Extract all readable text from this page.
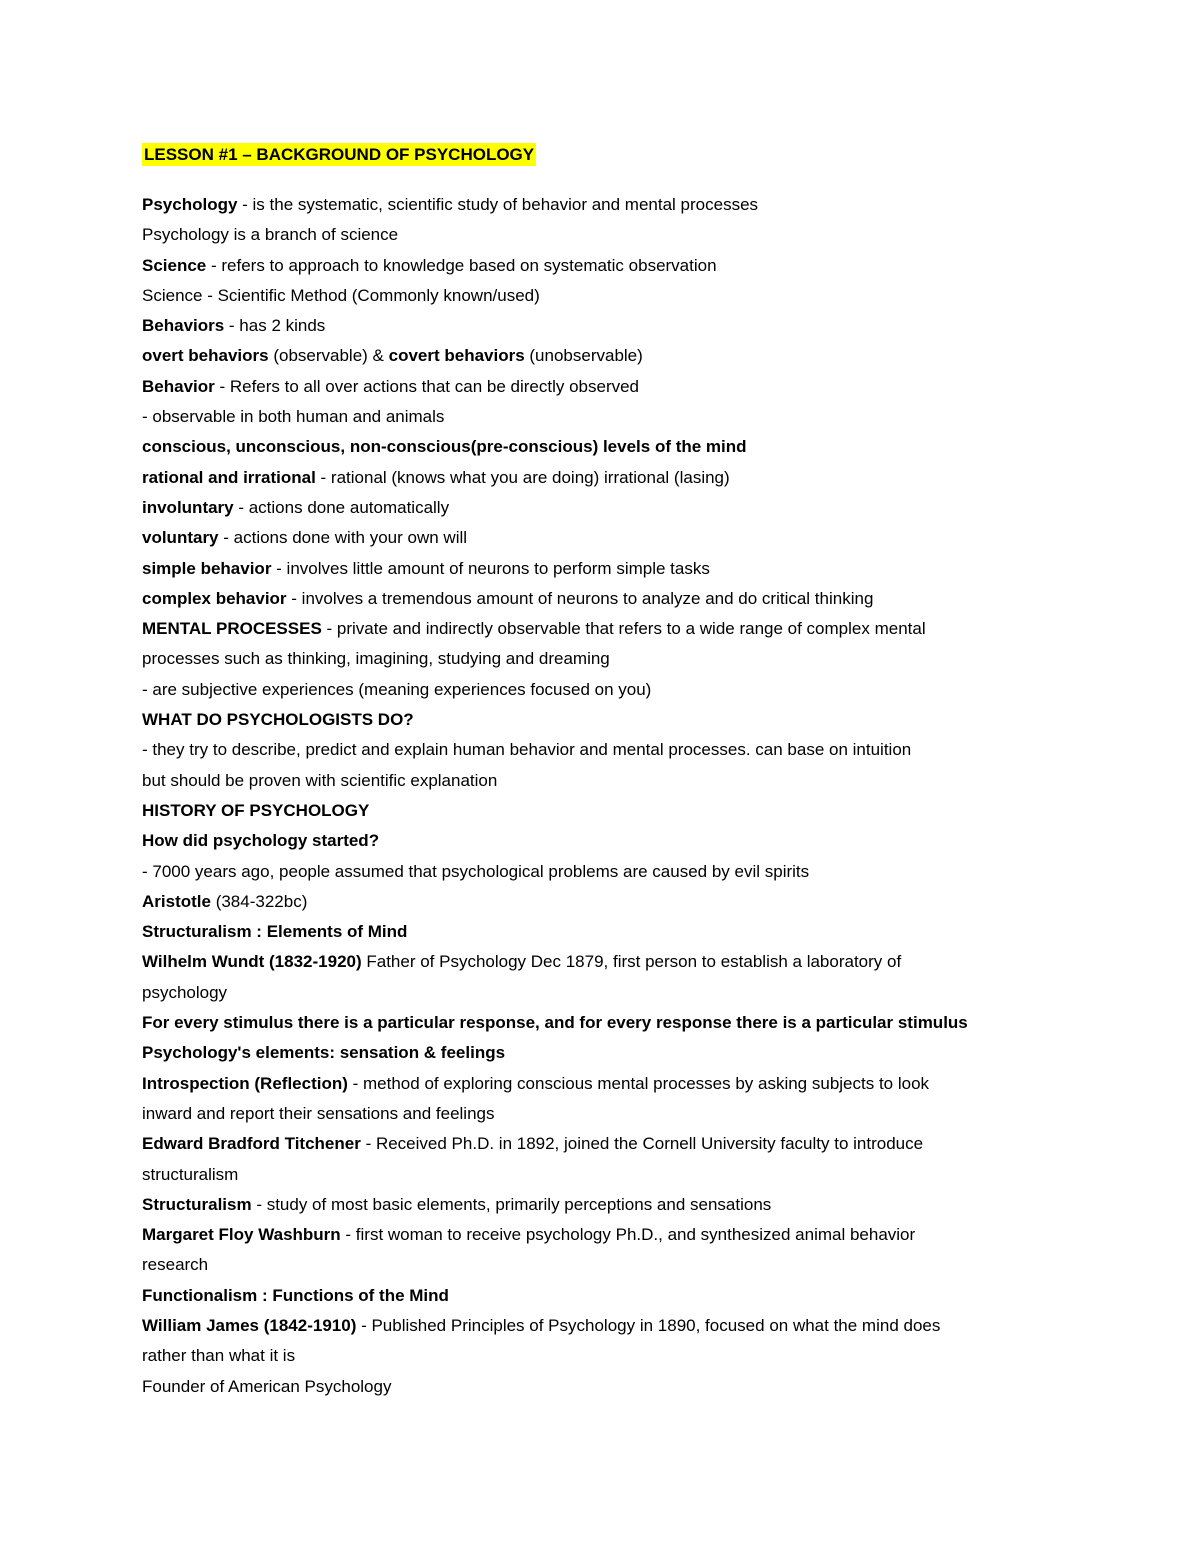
LESSON #1 – BACKGROUND OF PSYCHOLOGY
Psychology - is the systematic, scientific study of behavior and mental processes
Psychology is a branch of science
Science - refers to approach to knowledge based on systematic observation
Science - Scientific Method (Commonly known/used)
Behaviors - has 2 kinds
overt behaviors (observable) & covert behaviors (unobservable)
Behavior - Refers to all over actions that can be directly observed
- observable in both human and animals
conscious, unconscious, non-conscious(pre-conscious) levels of the mind
rational and irrational - rational (knows what you are doing) irrational (lasing)
involuntary - actions done automatically
voluntary - actions done with your own will
simple behavior - involves little amount of neurons to perform simple tasks
complex behavior - involves a tremendous amount of neurons to analyze and do critical thinking
MENTAL PROCESSES - private and indirectly observable that refers to a wide range of complex mental
processes such as thinking, imagining, studying and dreaming
- are subjective experiences (meaning experiences focused on you)
WHAT DO PSYCHOLOGISTS DO?
- they try to describe, predict and explain human behavior and mental processes. can base on intuition
but should be proven with scientific explanation
HISTORY OF PSYCHOLOGY
How did psychology started?
- 7000 years ago, people assumed that psychological problems are caused by evil spirits
Aristotle (384-322bc)
Structuralism : Elements of Mind
Wilhelm Wundt (1832-1920) Father of Psychology Dec 1879, first person to establish a laboratory of
psychology
For every stimulus there is a particular response, and for every response there is a particular stimulus
Psychology's elements: sensation & feelings
Introspection (Reflection) - method of exploring conscious mental processes by asking subjects to look
inward and report their sensations and feelings
Edward Bradford Titchener - Received Ph.D. in 1892, joined the Cornell University faculty to introduce
structuralism
Structuralism - study of most basic elements, primarily perceptions and sensations
Margaret Floy Washburn - first woman to receive psychology Ph.D., and synthesized animal behavior
research
Functionalism : Functions of the Mind
William James (1842-1910) - Published Principles of Psychology in 1890, focused on what the mind does
rather than what it is
Founder of American Psychology
